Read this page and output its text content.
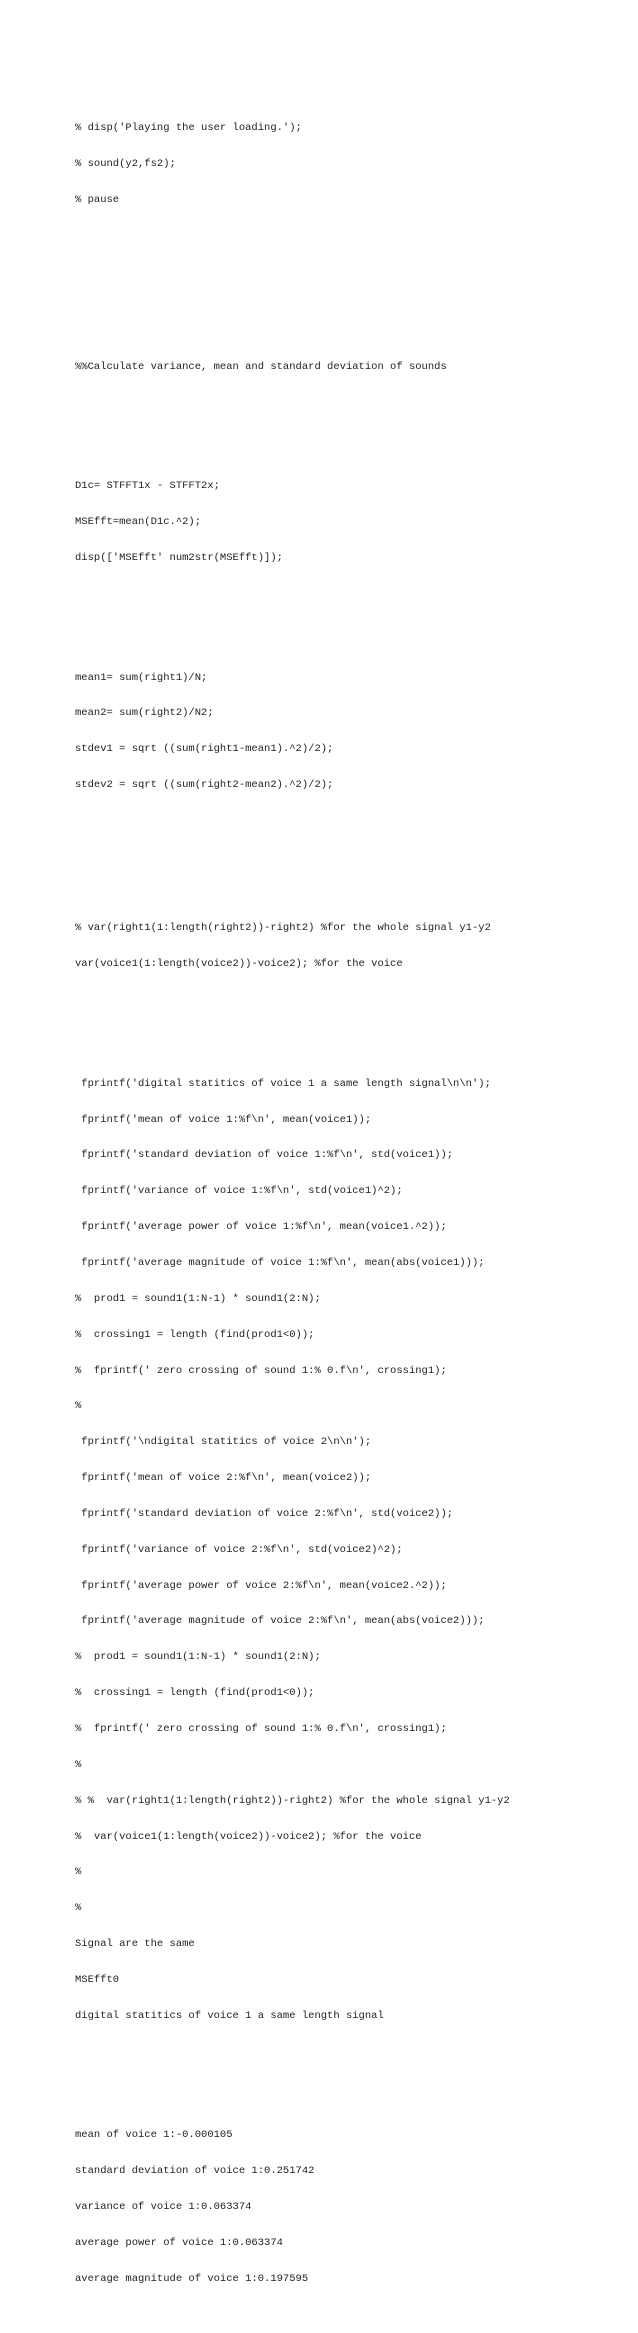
% disp('Playing the user loading.');

% sound(y2,fs2);

% pause

%%Calculate variance, mean and standard deviation of sounds

D1c= STFFT1x - STFFT2x;

MSEfft=mean(D1c.^2);

disp(['MSEfft' num2str(MSEfft)]);

mean1= sum(right1)/N;

mean2= sum(right2)/N2;

stdev1 = sqrt ((sum(right1-mean1).^2)/2);

stdev2 = sqrt ((sum(right2-mean2).^2)/2);

% var(right1(1:length(right2))-right2) %for the whole signal y1-y2

var(voice1(1:length(voice2))-voice2); %for the voice

fprintf('digital statitics of voice 1 a same length signal\n\n');

fprintf('mean of voice 1:%f\n', mean(voice1));

fprintf('standard deviation of voice 1:%f\n', std(voice1));

fprintf('variance of voice 1:%f\n', std(voice1)^2);

fprintf('average power of voice 1:%f\n', mean(voice1.^2));

fprintf('average magnitude of voice 1:%f\n', mean(abs(voice1)));

%  prod1 = sound1(1:N-1) * sound1(2:N);

%  crossing1 = length (find(prod1<0));

%  fprintf(' zero crossing of sound 1:% 0.f\n', crossing1);

%

fprintf('\ndigital statitics of voice 2\n\n');

fprintf('mean of voice 2:%f\n', mean(voice2));

fprintf('standard deviation of voice 2:%f\n', std(voice2));

fprintf('variance of voice 2:%f\n', std(voice2)^2);

fprintf('average power of voice 2:%f\n', mean(voice2.^2));

fprintf('average magnitude of voice 2:%f\n', mean(abs(voice2)));

%  prod1 = sound1(1:N-1) * sound1(2:N);

%  crossing1 = length (find(prod1<0));

%  fprintf(' zero crossing of sound 1:% 0.f\n', crossing1);

%

% %  var(right1(1:length(right2))-right2) %for the whole signal y1-y2

%  var(voice1(1:length(voice2))-voice2); %for the voice

%

%

Signal are the same

MSEfft0

digital statitics of voice 1 a same length signal

mean of voice 1:-0.000105

standard deviation of voice 1:0.251742

variance of voice 1:0.063374

average power of voice 1:0.063374

average magnitude of voice 1:0.197595
